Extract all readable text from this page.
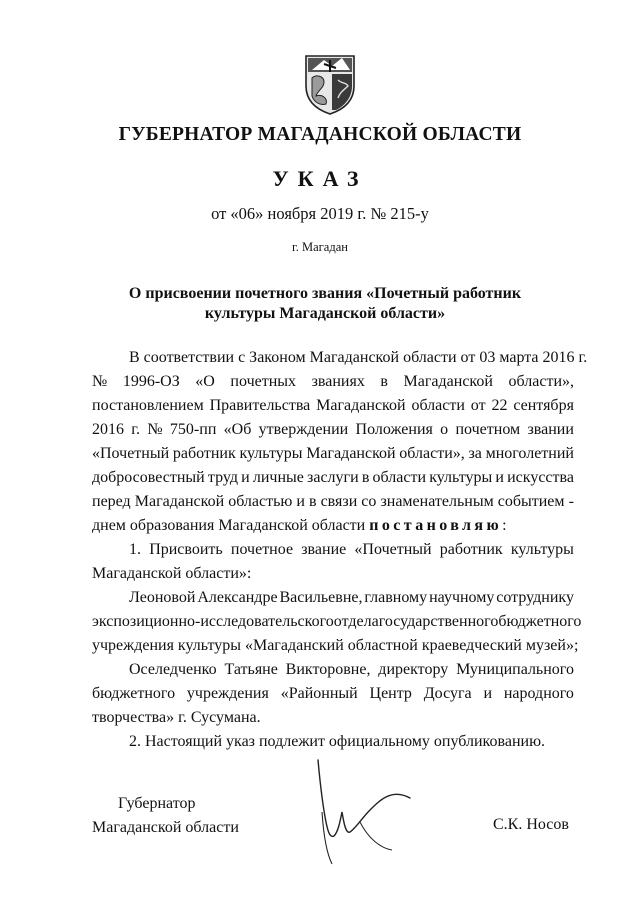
ГУБЕРНАТОР МАГАДАНСКОЙ ОБЛАСТИ
УКАЗ
от «06» ноября 2019 г. № 215-у
г. Магадан
О присвоении почетного звания «Почетный работник
культуры Магаданской области»
В соответствии с Законом Магаданской области от 03 марта 2016 г.
№ 1996-ОЗ «О почетных званиях в Магаданской области»,
постановлением Правительства Магаданской области от 22 сентября
2016 г. № 750-пп «Об утверждении Положения о почетном звании
«Почетный работник культуры Магаданской области», за многолетний
добросовестный труд и личные заслуги в области культуры и искусства
перед Магаданской областью и в связи со знаменательным событием -
днем образования Магаданской области
постановляю :
1. Присвоить почетное звание «Почетный работник культуры
Магаданской области»:
Леоновой Александре Васильевне, главному научному сотруднику
экспозиционно-исследовательского отдела государственного бюджетного
учреждения культуры «Магаданский областной краеведческий музей»;
Оселедченко Татьяне Викторовне, директору Муниципального
бюджетного учреждения «Районный Центр Досуга и народного
творчества» г. Сусумана.
2. Настоящий указ подлежит официальному опубликованию.
Губернатор
Магаданской области	С.К. Носов
